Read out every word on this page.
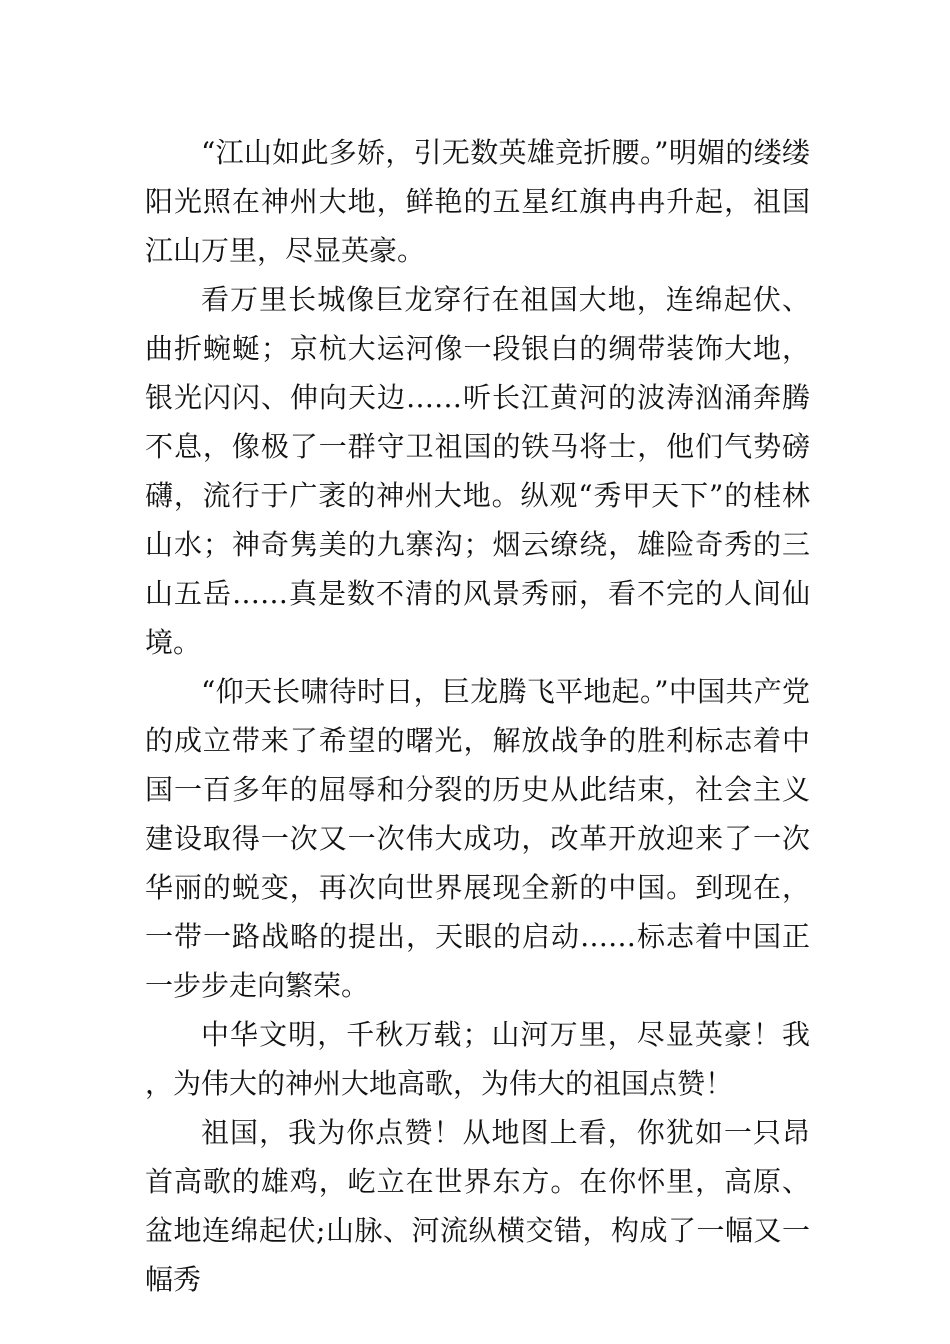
“江山如此多娇，引无数英雄竞折腰。”明媚的缕缕阳光照在神州大地，鲜艳的五星红旗冉冉升起，祖国江山万里，尽显英豪。

看万里长城像巨龙穿行在祖国大地，连绵起伏、曲折蜿蜒；京杭大运河像一段银白的绸带装饰大地，银光闪闪、伸向天边……听长江黄河的波涛汹涌奔腾不息，像极了一群守卫祖国的铁马将士，他们气势磅礴，流行于广袤的神州大地。纵观“秀甲天下”的桂林山水；神奇隽美的九寨沟；烟云缭绕，雄险奇秀的三山五岳……真是数不清的风景秀丽，看不完的人间仙境。

“仰天长啸待时日，巨龙腾飞平地起。”中国共产党的成立带来了希望的曙光，解放战争的胜利标志着中国一百多年的屈辱和分裂的历史从此结束，社会主义建设取得一次又一次伟大成功，改革开放迎来了一次华丽的蜕变，再次向世界展现全新的中国。到现在，一带一路战略的提出，天眼的启动……标志着中国正一步步走向繁荣。

中华文明，千秋万载；山河万里，尽显英豪！我，为伟大的神州大地高歌，为伟大的祖国点赞！

祖国，我为你点赞！从地图上看，你犹如一只昂首高歌的雄鸡，屹立在世界东方。在你怀里，高原、盆地连绵起伏;山脉、河流纵横交错，构成了一幅又一幅秀
